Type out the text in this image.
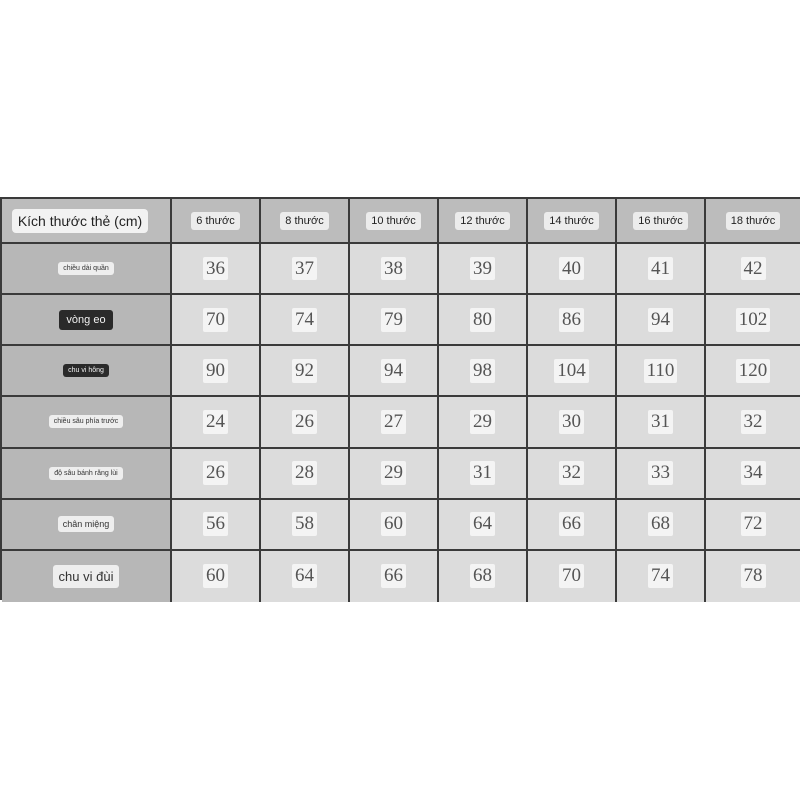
Kích thước thẻ (cm)	6 thước	8 thước	10 thước	12 thước	14 thước	16 thước	18 thước
chiều dài quần	36	37	38	39	40	41	42
vòng eo	70	74	79	80	86	94	102
chu vi hông	90	92	94	98	104	110	120
chiều sâu phía trước	24	26	27	29	30	31	32
độ sâu bánh răng lùi	26	28	29	31	32	33	34
chân miệng	56	58	60	64	66	68	72
chu vi đùi	60	64	66	68	70	74	78
